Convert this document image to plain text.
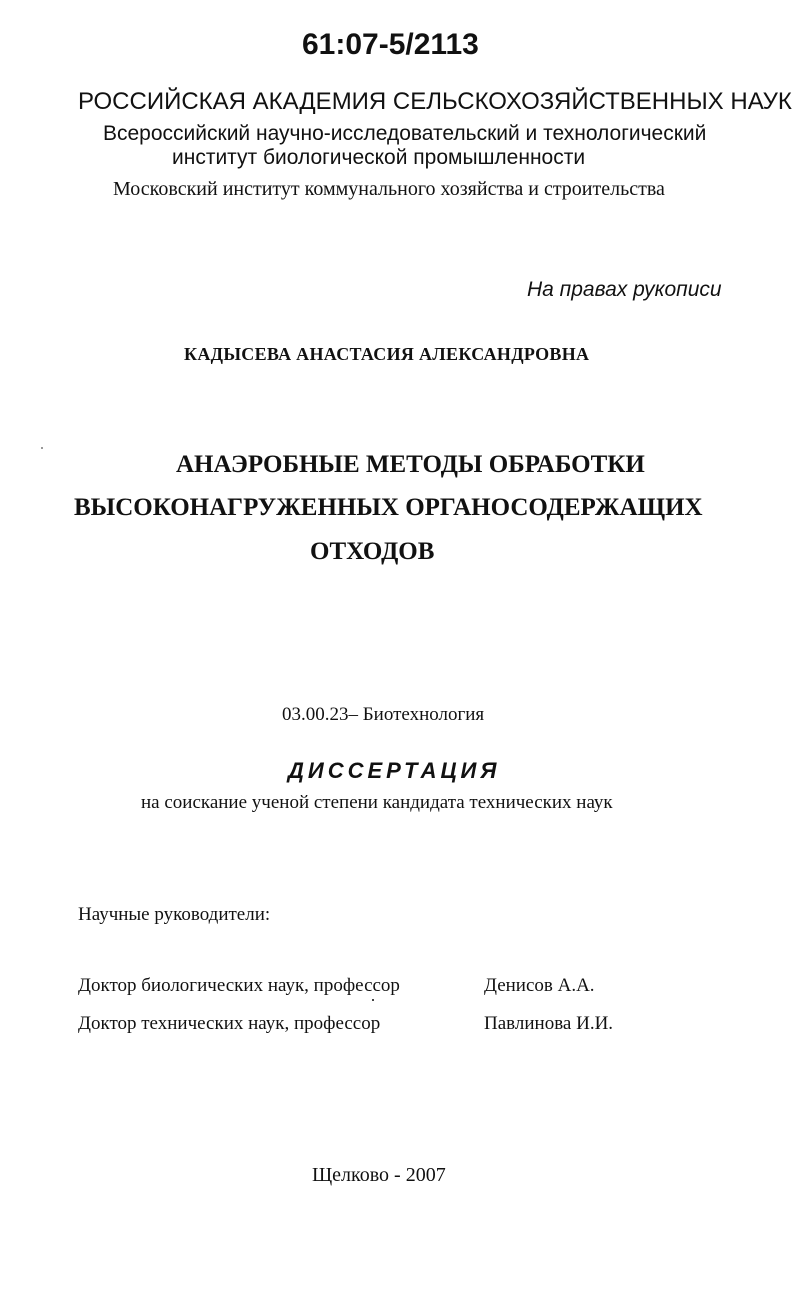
61:07-5/2113
РОССИЙСКАЯ АКАДЕМИЯ СЕЛЬСКОХОЗЯЙСТВЕННЫХ НАУК
Всероссийский научно-исследовательский и технологический
институт биологической промышленности
Московский институт коммунального хозяйства и строительства
На правах рукописи
КАДЫСЕВА АНАСТАСИЯ АЛЕКСАНДРОВНА
АНАЭРОБНЫЕ МЕТОДЫ ОБРАБОТКИ
ВЫСОКОНАГРУЖЕННЫХ ОРГАНОСОДЕРЖАЩИХ
ОТХОДОВ
03.00.23– Биотехнология
ДИССЕРТАЦИЯ
на соискание ученой степени кандидата технических наук
Научные руководители:
Доктор биологических наук, профессор	Денисов А.А.
Доктор технических наук, профессор	Павлинова И.И.
Щелково - 2007
